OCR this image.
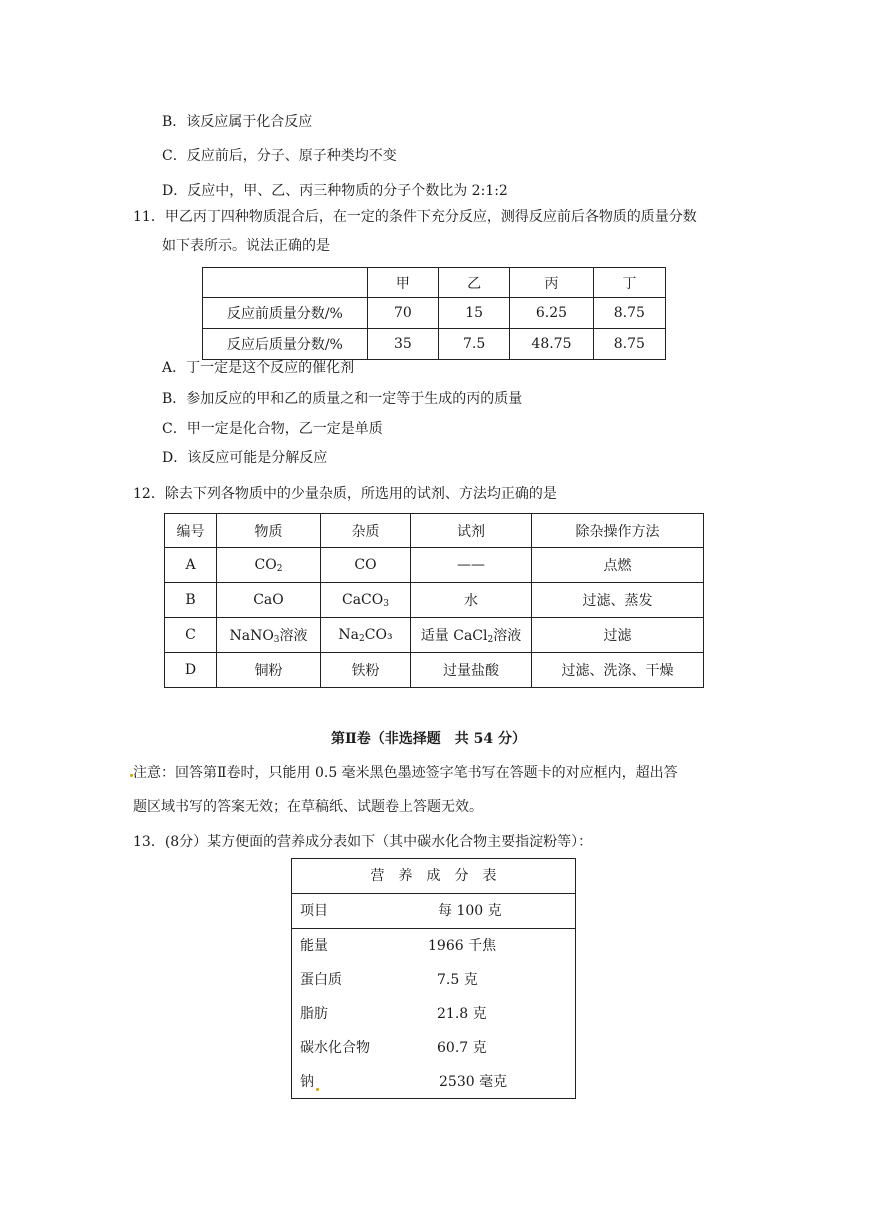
B．该反应属于化合反应
C．反应前后，分子、原子种类均不变
D．反应中，甲、乙、丙三种物质的分子个数比为 2:1:2
11．甲乙丙丁四种物质混合后，在一定的条件下充分反应，测得反应前后各物质的质量分数
如下表所示。说法正确的是
	甲	乙	丙	丁
反应前质量分数/%	70	15	6.25	8.75
反应后质量分数/%	35	7.5	48.75	8.75
A．丁一定是这个反应的催化剂
B．参加反应的甲和乙的质量之和一定等于生成的丙的质量
C．甲一定是化合物，乙一定是单质
D．该反应可能是分解反应
12．除去下列各物质中的少量杂质，所选用的试剂、方法均正确的是
编号	物质	杂质	试剂	除杂操作方法
A	$CO_2$	CO	——	点燃
B	CaO	CaCO$_3$	水	过滤、蒸发
C	NaNO$_3$溶液	$Na_2CO_3$	适量 CaCl$_2$溶液	过滤
D	铜粉	铁粉	过量盐酸	过滤、洗涤、干燥
第Ⅱ卷（非选择题　共 54 分）
注意：回答第Ⅱ卷时，只能用 0.5 毫米黑色墨迹签字笔书写在答题卡的对应框内，超出答
题区域书写的答案无效；在草稿纸、试题卷上答题无效。
13．(8分）某方便面的营养成分表如下（其中碳水化合物主要指淀粉等）：
营　养　成　分　表
项目	每 100 克
能量	1966 千焦
蛋白质	7.5 克
脂肪	21.8 克
碳水化合物	60.7 克
钠	2530 毫克
